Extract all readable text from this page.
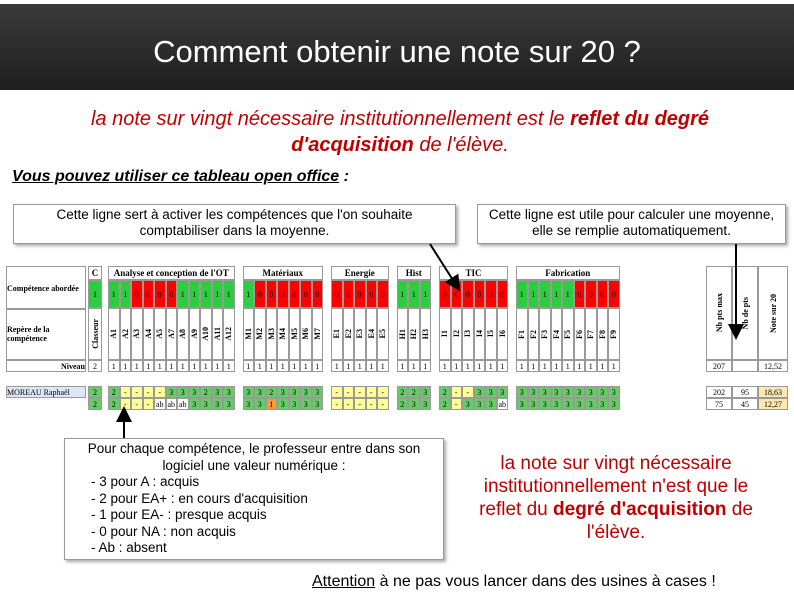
Comment obtenir une note sur 20 ?
la note sur vingt nécessaire institutionnellement est le reflet du degré d'acquisition de l'élève.
Vous pouvez utiliser ce tableau open office :
Cette ligne sert à activer les compétences que l'on souhaite comptabiliser dans la moyenne.
Cette ligne est utile pour calculer une moyenne, elle se remplie automatiquement.
Compétence abordée
Repère de la compétence
Niveau
MOREAU Raphaël
C
1
Classeur
2
2
2
Analyse et conception de l'OT
1
A1
1
2
2
1
A2
1
-
-
0
A3
1
-
-
0
A4
1
-
-
0
A5
1
-
ab
0
A7
1
3
ab
1
A8
1
3
ab
1
A9
1
3
3
1
A10
1
2
3
1
A11
1
3
3
1
A12
1
3
3
Matériaux
1
M1
1
3
3
0
M2
1
3
3
0
M3
1
2
1
0
M4
1
3
3
0
M5
1
3
3
0
M6
1
3
3
0
M7
1
3
3
Energie
0
E1
1
-
-
0
E2
1
-
-
0
E3
1
-
-
0
E4
1
-
-
0
E5
1
-
-
Hist
1
H1
1
2
2
1
H2
1
2
3
1
H3
1
3
3
TIC
0
I1
1
2
2
0
I2
1
-
-
0
I3
1
-
3
0
I4
1
3
3
0
I5
1
3
3
0
I6
1
3
ab
Fabrication
1
F1
1
3
3
1
F2
1
3
3
1
F3
1
3
3
1
F4
1
3
3
1
F5
1
3
3
0
F6
1
3
3
0
F7
1
3
3
0
F8
1
3
3
0
F9
1
3
3
Nb pts max
207
202
75
Nb de pts
95
45
Note sur 20
12,52
18,63
12,27
Pour chaque compétence, le professeur entre dans son logiciel une valeur numérique :
- 3 pour A : acquis
- 2 pour EA+ : en cours d'acquisition
- 1 pour EA- : presque acquis
- 0 pour NA : non acquis
- Ab : absent
la note sur vingt nécessaire institutionnellement n'est que le reflet du degré d'acquisition de l'élève.
Attention à ne pas vous lancer dans des usines à cases !
